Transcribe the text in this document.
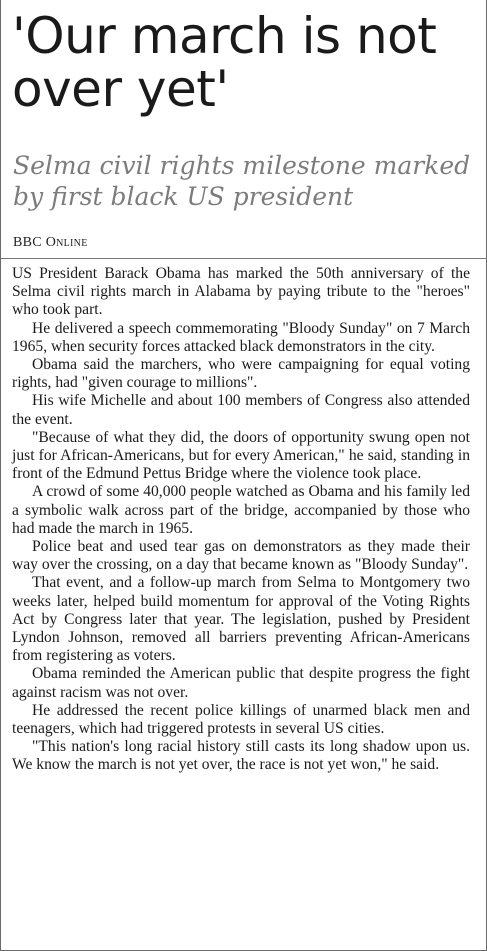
'Our march is not over yet'
Selma civil rights milestone marked by first black US president
BBC Online

US President Barack Obama has marked the 50th anniversary of the Selma civil rights march in Alabama by paying tribute to the "heroes" who took part.

He delivered a speech commemorating "Bloody Sunday" on 7 March 1965, when security forces attacked black demonstrators in the city.

Obama said the marchers, who were campaigning for equal voting rights, had "given courage to millions".

His wife Michelle and about 100 members of Congress also attended the event.

"Because of what they did, the doors of opportunity swung open not just for African-Americans, but for every American," he said, standing in front of the Edmund Pettus Bridge where the violence took place.

A crowd of some 40,000 people watched as Obama and his family led a symbolic walk across part of the bridge, accompanied by those who had made the march in 1965.

Police beat and used tear gas on demonstrators as they made their way over the crossing, on a day that became known as "Bloody Sunday".

That event, and a follow-up march from Selma to Montgomery two weeks later, helped build momentum for approval of the Voting Rights Act by Congress later that year. The legislation, pushed by President Lyndon Johnson, removed all barriers preventing African-Americans from registering as voters.

Obama reminded the American public that despite progress the fight against racism was not over.

He addressed the recent police killings of unarmed black men and teenagers, which had triggered protests in several US cities.

"This nation's long racial history still casts its long shadow upon us. We know the march is not yet over, the race is not yet won," he said.
